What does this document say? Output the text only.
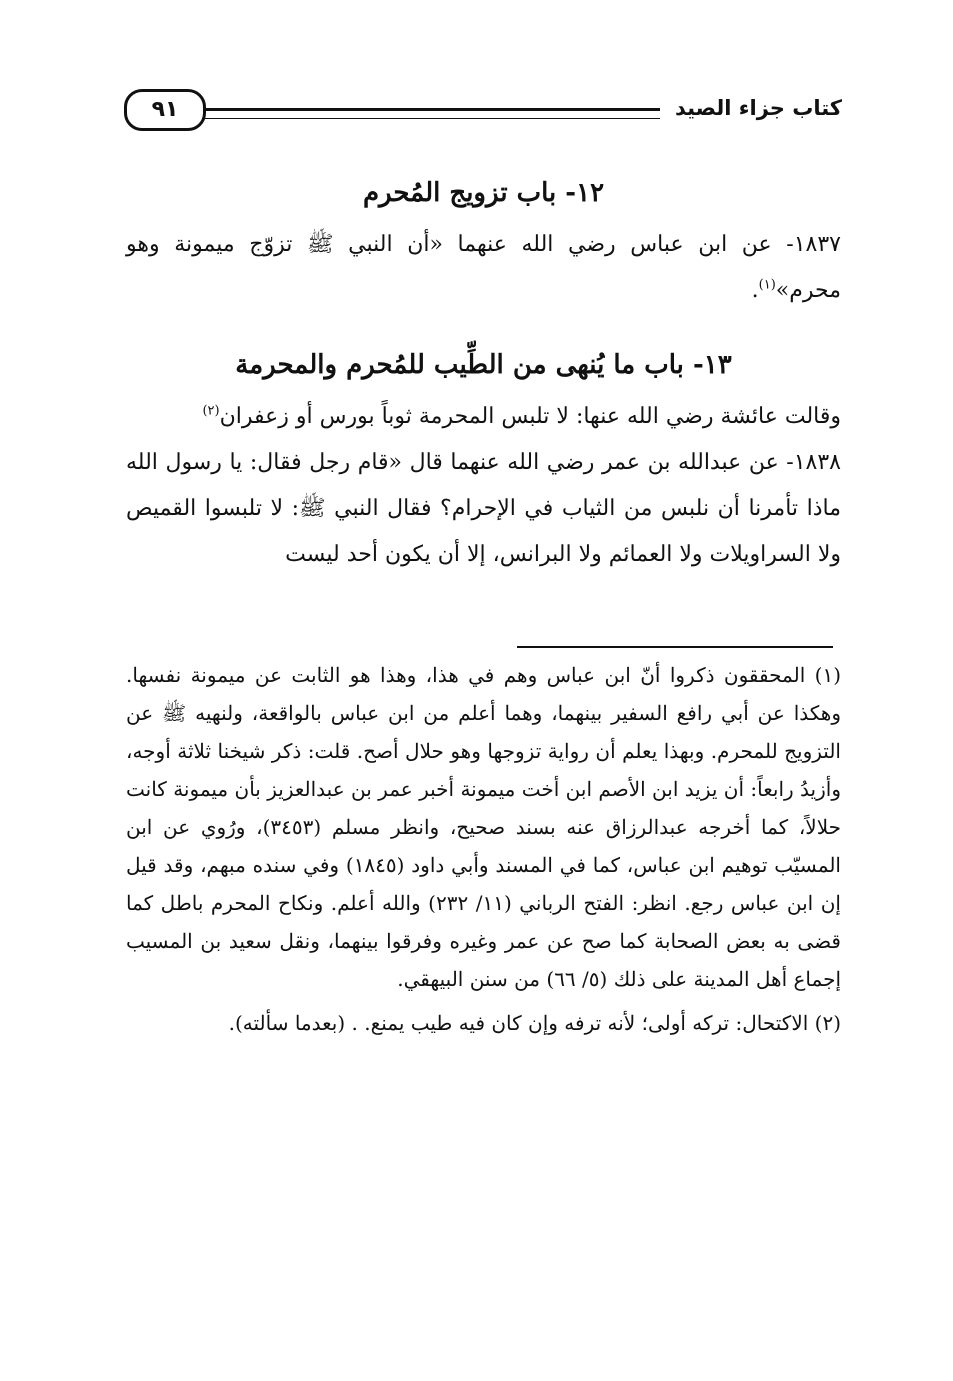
كتاب جزاء الصيد
٩١
١٢- باب تزويج المُحرم

١٨٣٧- عن ابن عباس رضي الله عنهما «أن النبي ﷺ تزوّج ميمونة وهو محرم»$^{(١)}$.

١٣- باب ما يُنهى من الطِّيب للمُحرم والمحرمة

وقالت عائشة رضي الله عنها: لا تلبس المحرمة ثوباً بورس أو زعفران$^{(٢)}$

١٨٣٨- عن عبدالله بن عمر رضي الله عنهما قال «قام رجل فقال: يا رسول الله ماذا تأمرنا أن نلبس من الثياب في الإحرام؟ فقال النبي ﷺ: لا تلبسوا القميص ولا السراويلات ولا العمائم ولا البرانس، إلا أن يكون أحد ليست

(١) المحققون ذكروا أنّ ابن عباس وهم في هذا، وهذا هو الثابت عن ميمونة نفسها. وهكذا عن أبي رافع السفير بينهما، وهما أعلم من ابن عباس بالواقعة، ولنهيه ﷺ عن التزويج للمحرم. وبهذا يعلم أن رواية تزوجها وهو حلال أصح. قلت: ذكر شيخنا ثلاثة أوجه، وأزيدُ رابعاً: أن يزيد ابن الأصم ابن أخت ميمونة أخبر عمر بن عبدالعزيز بأن ميمونة كانت حلالاً، كما أخرجه عبدالرزاق عنه بسند صحيح، وانظر مسلم (٣٤٥٣)، ورُوي عن ابن المسيّب توهيم ابن عباس، كما في المسند وأبي داود (١٨٤٥) وفي سنده مبهم، وقد قيل إن ابن عباس رجع. انظر: الفتح الرباني (١١/ ٢٣٢) والله أعلم. ونكاح المحرم باطل كما قضى به بعض الصحابة كما صح عن عمر وغيره وفرقوا بينهما، ونقل سعيد بن المسيب إجماع أهل المدينة على ذلك (٥/ ٦٦) من سنن البيهقي.

(٢) الاكتحال: تركه أولى؛ لأنه ترفه وإن كان فيه طيب يمنع. . (بعدما سألته).
